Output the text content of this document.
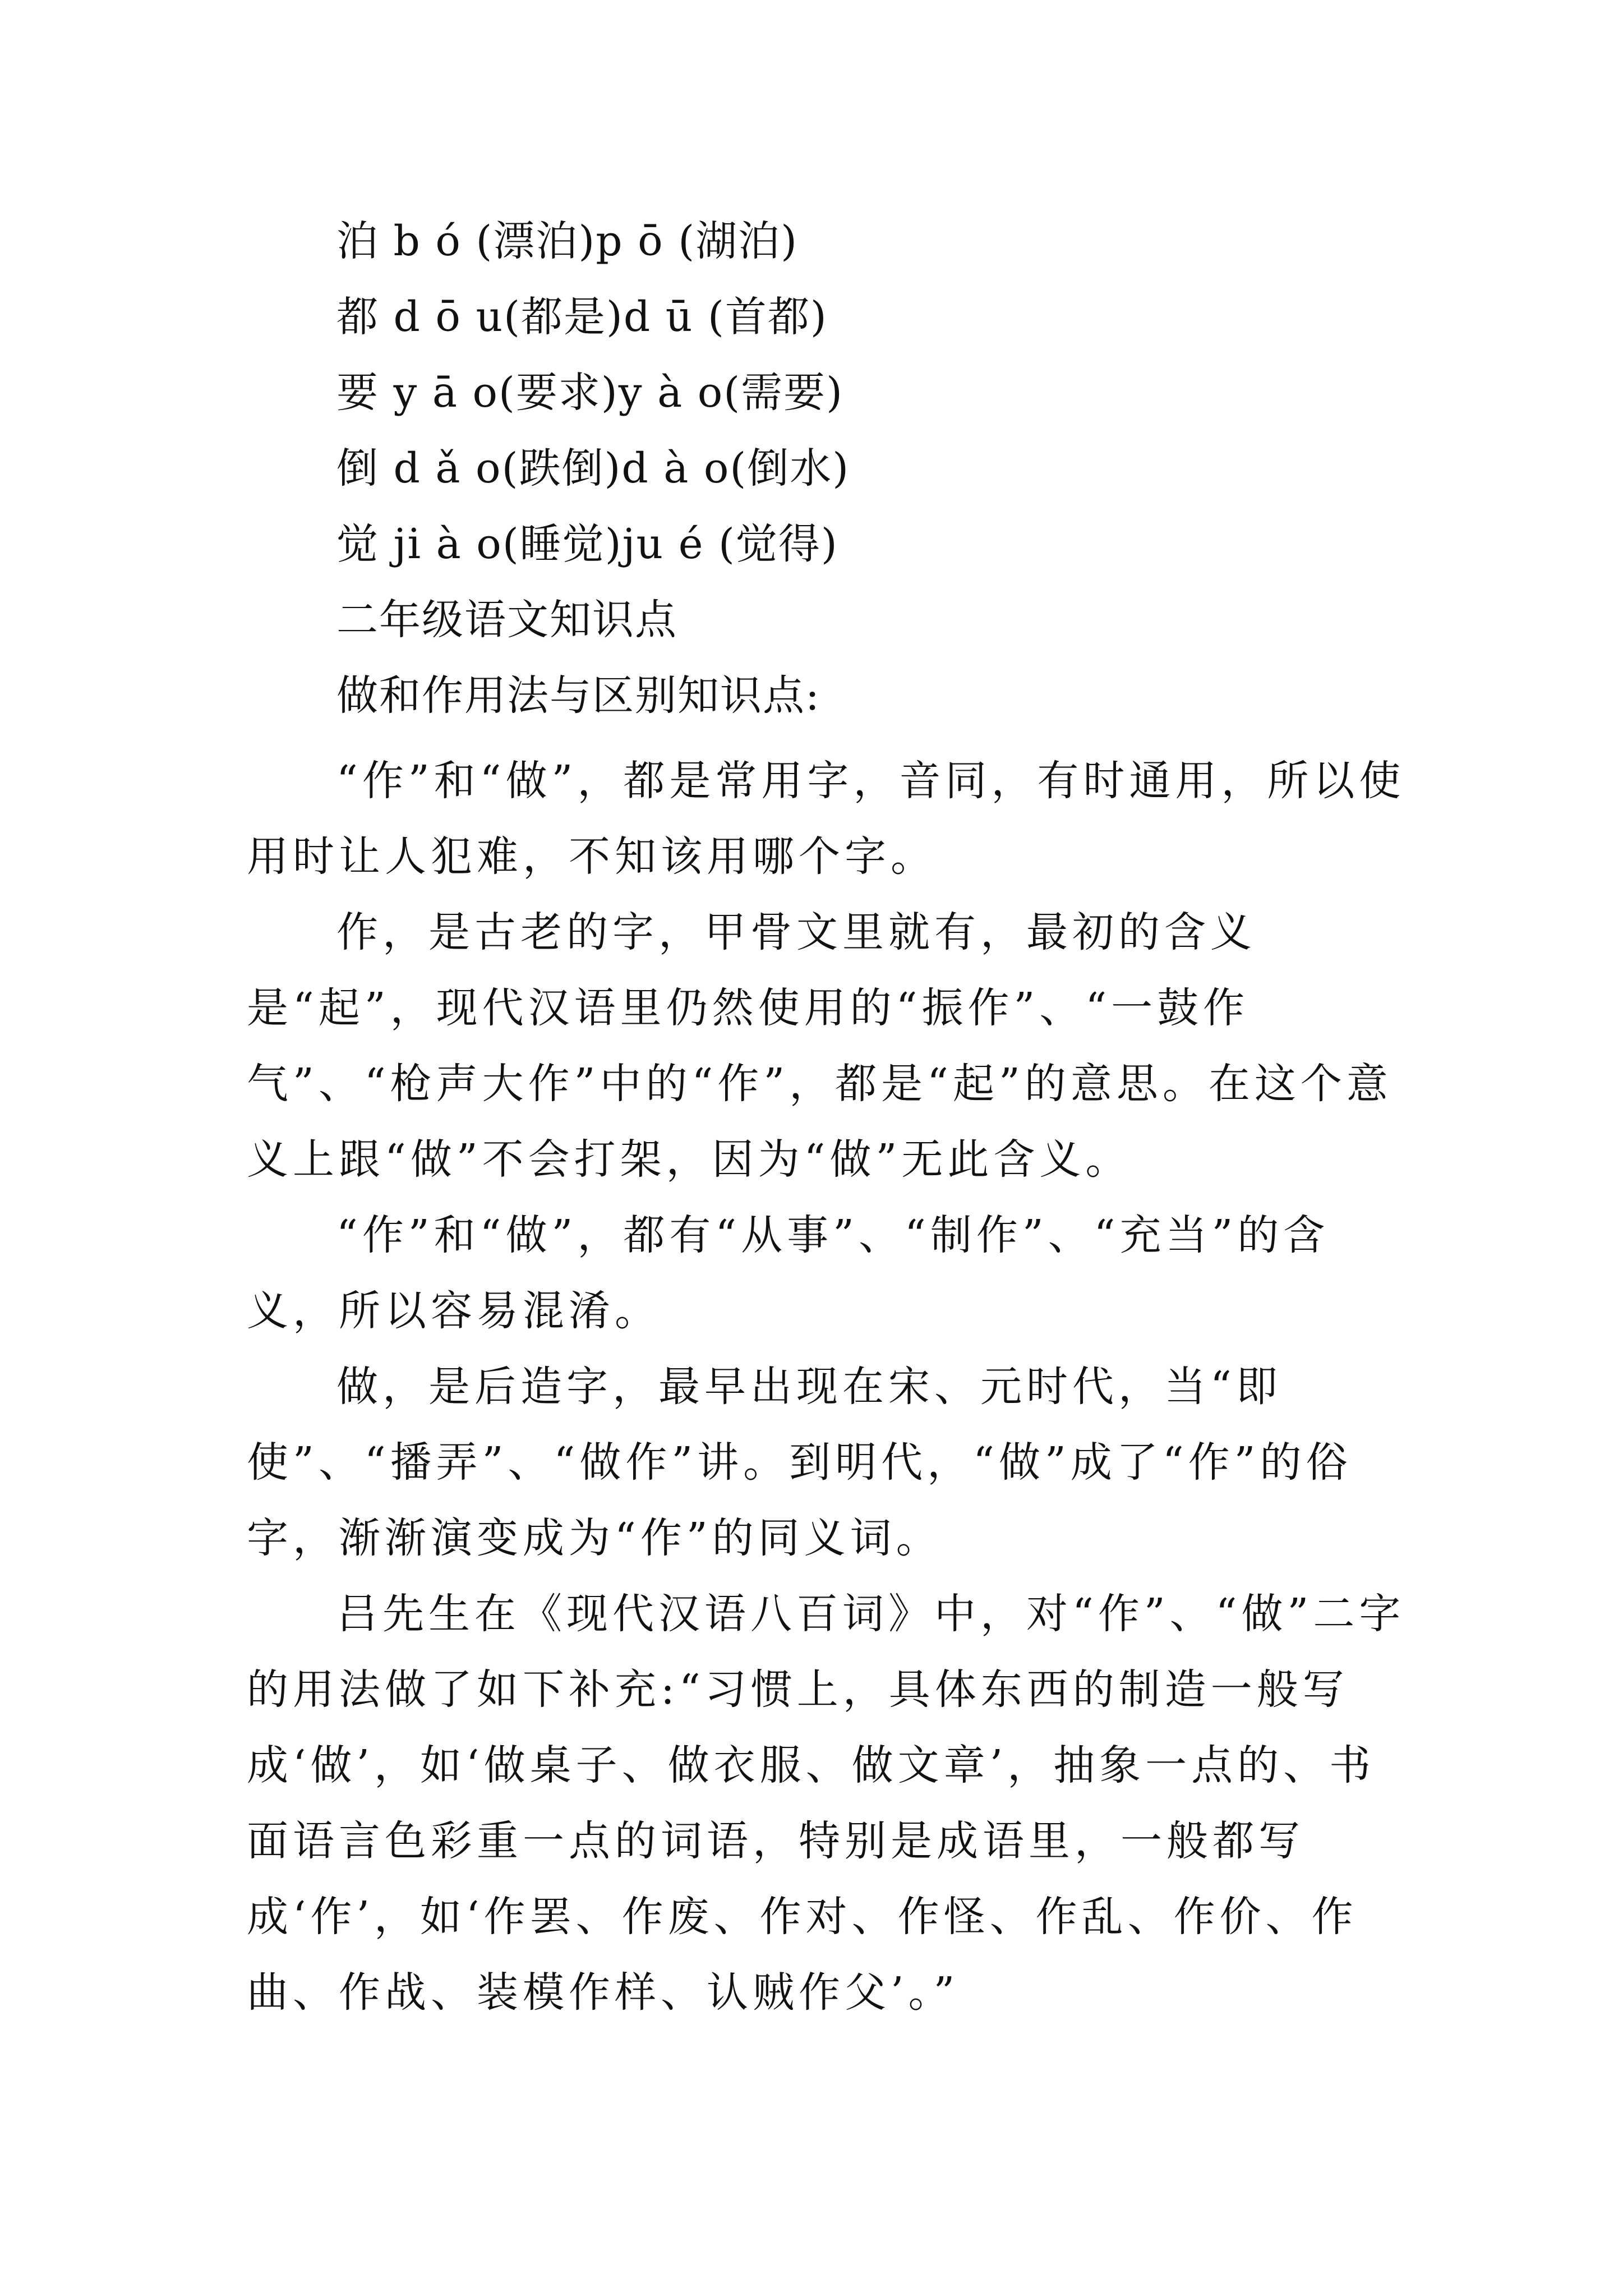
泊 b ó (漂泊)p ō (湖泊)
都 d ō u(都是)d ū (首都)
要 y ā o(要求)y à o(需要)
倒 d ǎ o(跌倒)d à o(倒水)
觉 ji à o(睡觉)ju é (觉得)
二年级语文知识点
做和作用法与区别知识点:

“作”和“做”，都是常用字，音同，有时通用，所以使用时让人犯难，不知该用哪个字。

作，是古老的字，甲骨文里就有，最初的含义是“起”，现代汉语里仍然使用的“振作”、“一鼓作气”、“枪声大作”中的“作”，都是“起”的意思。在这个意义上跟“做”不会打架，因为“做”无此含义。

“作”和“做”，都有“从事”、“制作”、“充当”的含义，所以容易混淆。

做，是后造字，最早出现在宋、元时代，当“即使”、“播弄”、“做作”讲。到明代，“做”成了“作”的俗字，渐渐演变成为“作”的同义词。

吕先生在《现代汉语八百词》中，对“作”、“做”二字的用法做了如下补充:“习惯上，具体东西的制造一般写成‘做’，如‘做桌子、做衣服、做文章’，抽象一点的、书面语言色彩重一点的词语，特别是成语里，一般都写成‘作’，如‘作罢、作废、作对、作怪、作乱、作价、作曲、作战、装模作样、认贼作父’。”
